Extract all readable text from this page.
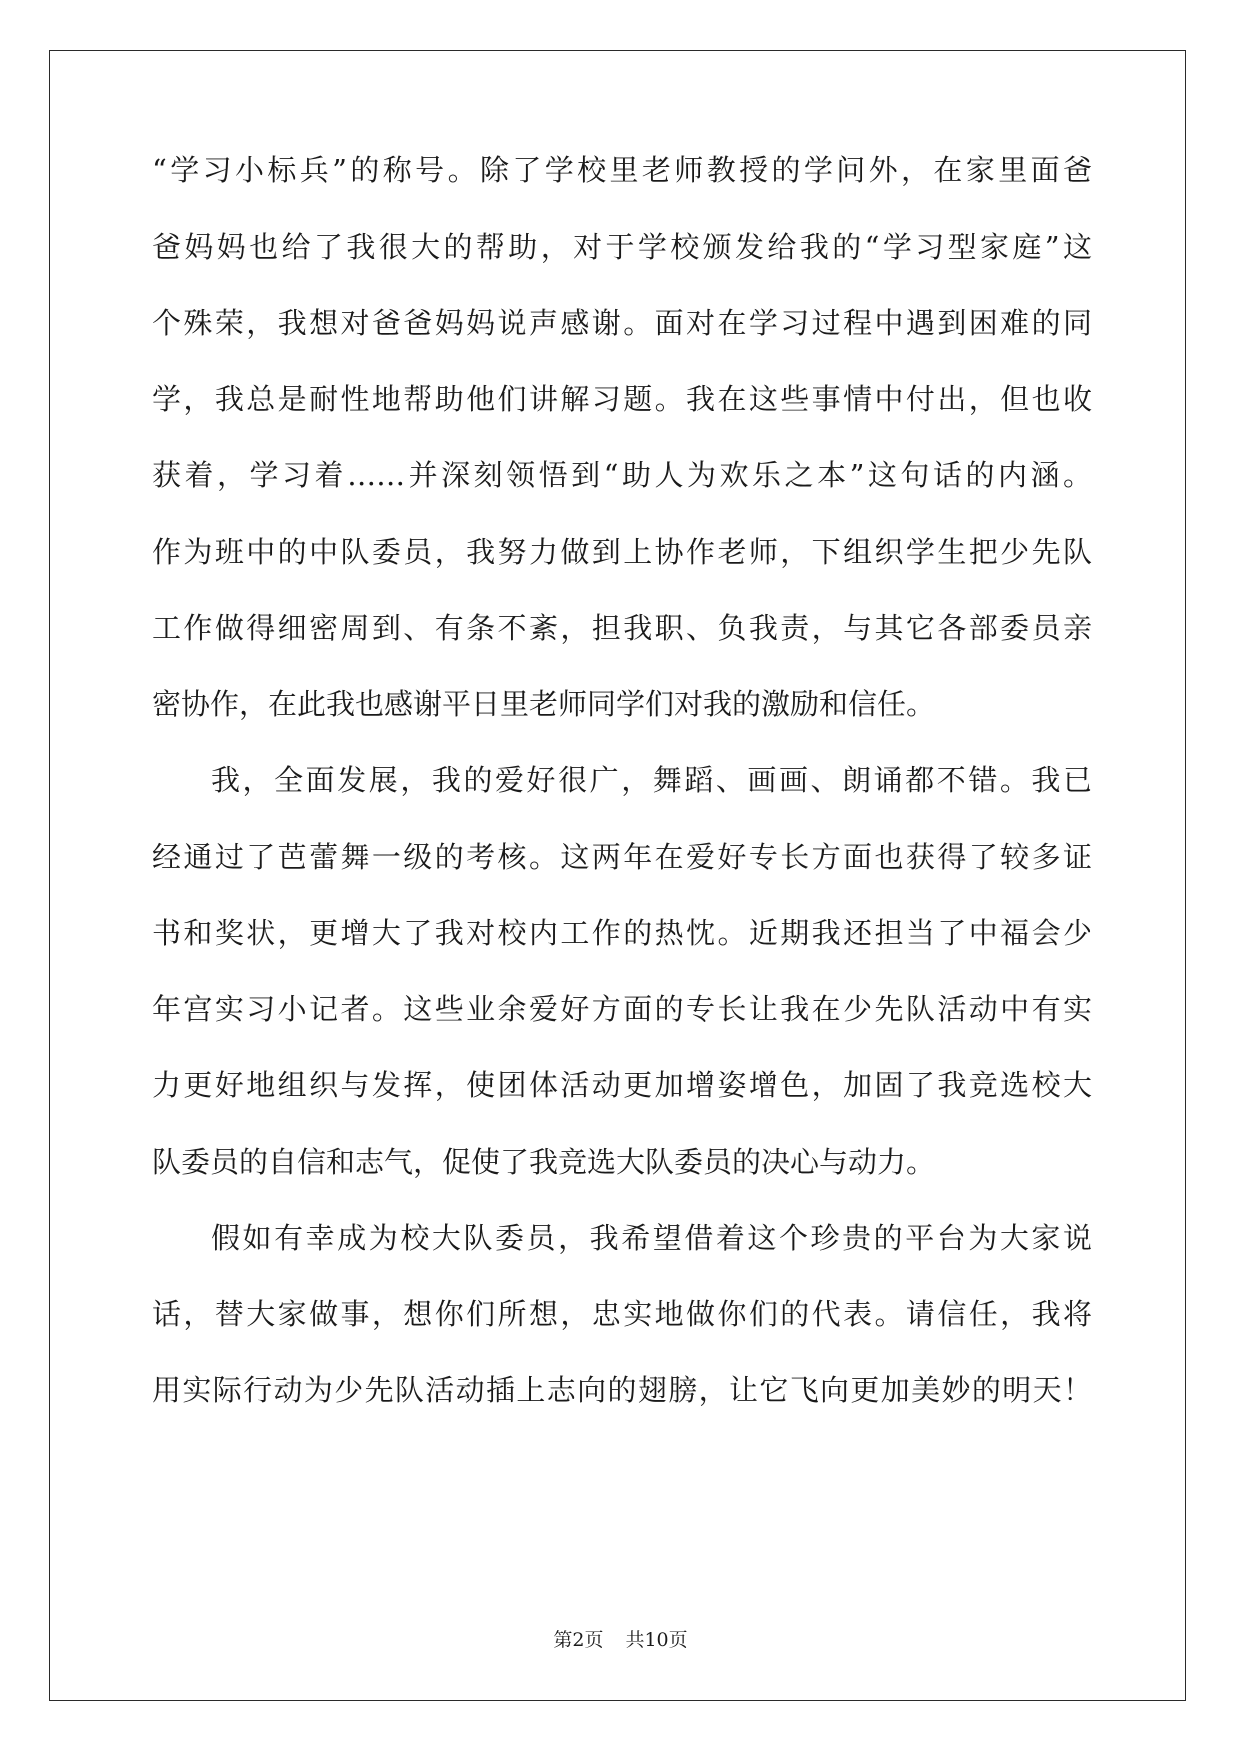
“学习小标兵”的称号。除了学校里老师教授的学问外，在家里面爸
爸妈妈也给了我很大的帮助，对于学校颁发给我的“学习型家庭”这
个殊荣，我想对爸爸妈妈说声感谢。面对在学习过程中遇到困难的同
学，我总是耐性地帮助他们讲解习题。我在这些事情中付出，但也收
获着，学习着……并深刻领悟到“助人为欢乐之本”这句话的内涵。
作为班中的中队委员，我努力做到上协作老师，下组织学生把少先队
工作做得细密周到、有条不紊，担我职、负我责，与其它各部委员亲
密协作，在此我也感谢平日里老师同学们对我的激励和信任。
我，全面发展，我的爱好很广，舞蹈、画画、朗诵都不错。我已
经通过了芭蕾舞一级的考核。这两年在爱好专长方面也获得了较多证
书和奖状，更增大了我对校内工作的热忱。近期我还担当了中福会少
年宫实习小记者。这些业余爱好方面的专长让我在少先队活动中有实
力更好地组织与发挥，使团体活动更加增姿增色，加固了我竞选校大
队委员的自信和志气，促使了我竞选大队委员的决心与动力。
假如有幸成为校大队委员，我希望借着这个珍贵的平台为大家说
话，替大家做事，想你们所想，忠实地做你们的代表。请信任，我将
用实际行动为少先队活动插上志向的翅膀，让它飞向更加美妙的明天！
第2页 共10页
